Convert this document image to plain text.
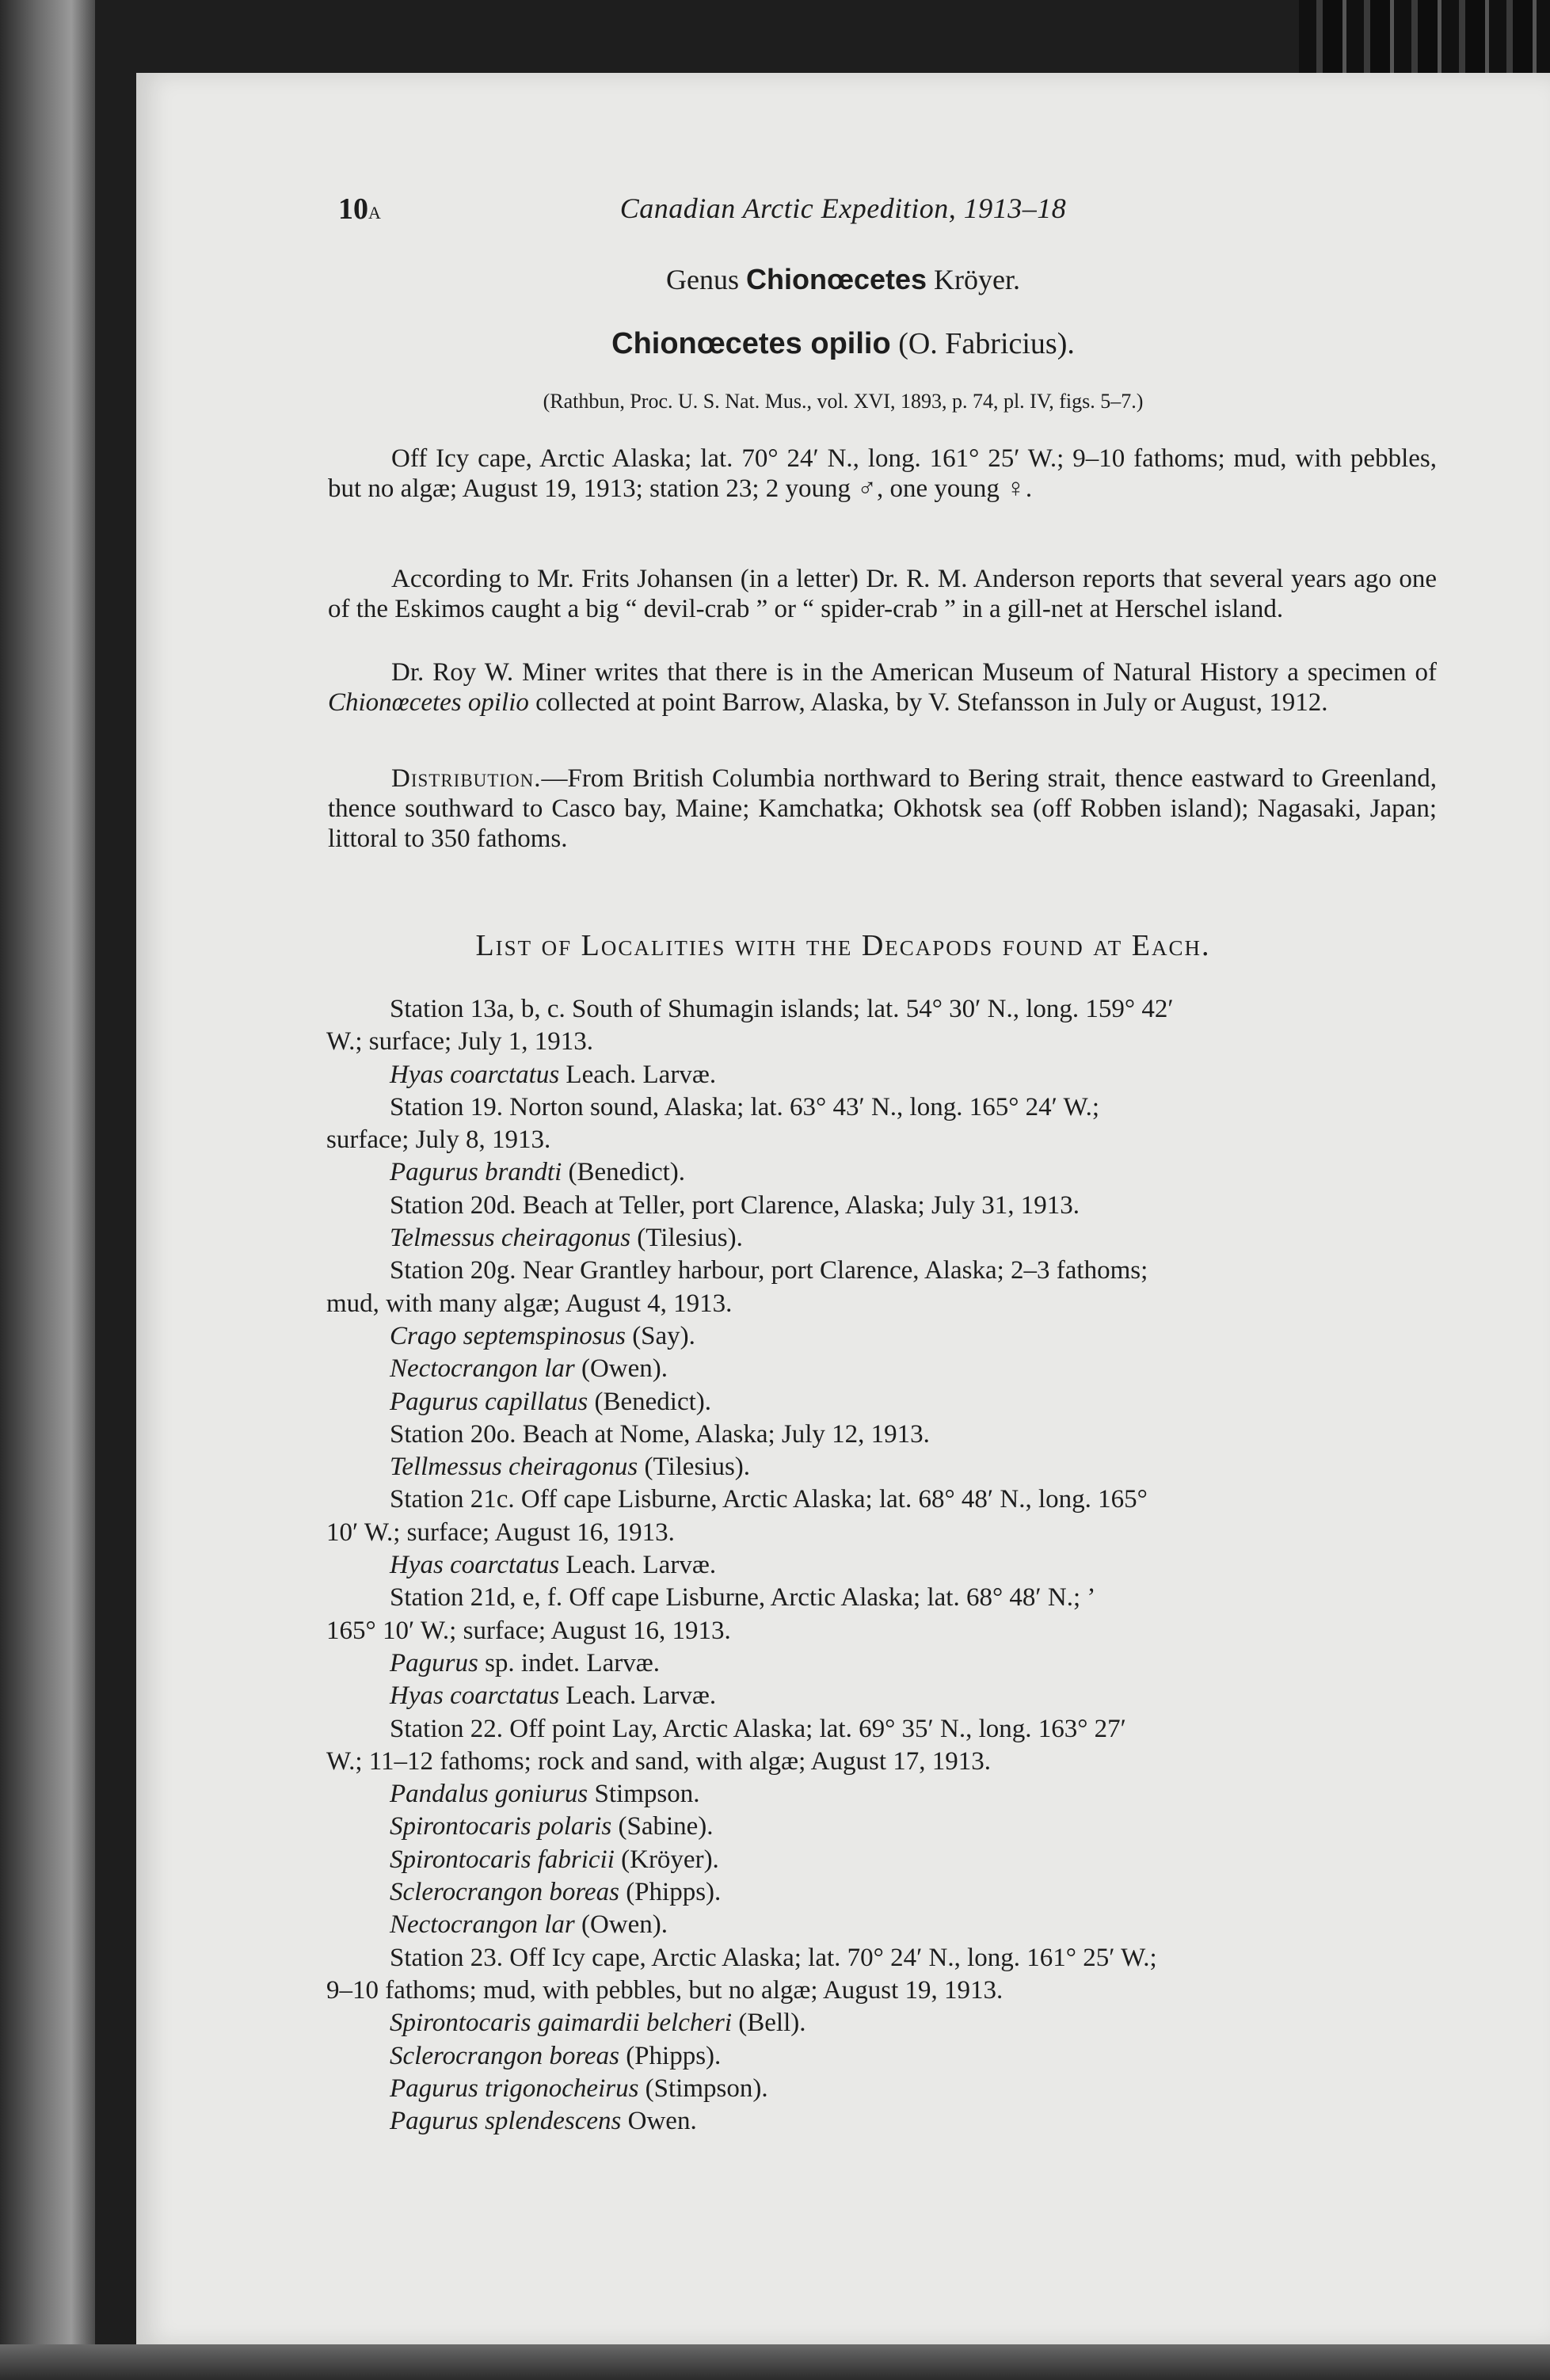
10A	Canadian Arctic Expedition, 1913–18
Genus Chionœcetes Kröyer.
Chionœcetes opilio (O. Fabricius).
(Rathbun, Proc. U. S. Nat. Mus., vol. XVI, 1893, p. 74, pl. IV, figs. 5–7.)

Off Icy cape, Arctic Alaska; lat. 70° 24′ N., long. 161° 25′ W.; 9–10 fathoms; mud, with pebbles, but no algæ; August 19, 1913; station 23; 2 young ♂, one young ♀.

According to Mr. Frits Johansen (in a letter) Dr. R. M. Anderson reports that several years ago one of the Eskimos caught a big “ devil-crab ” or “ spider-crab ” in a gill-net at Herschel island.

Dr. Roy W. Miner writes that there is in the American Museum of Natural History a specimen of Chionœcetes opilio collected at point Barrow, Alaska, by V. Stefansson in July or August, 1912.

Distribution.—From British Columbia northward to Bering strait, thence eastward to Greenland, thence southward to Casco bay, Maine; Kamchatka; Okhotsk sea (off Robben island); Nagasaki, Japan; littoral to 350 fathoms.

List of Localities with the Decapods found at Each.
Station 13a, b, c. South of Shumagin islands; lat. 54° 30′ N., long. 159° 42′
W.; surface; July 1, 1913.
Hyas coarctatus Leach. Larvæ.
Station 19. Norton sound, Alaska; lat. 63° 43′ N., long. 165° 24′ W.;
surface; July 8, 1913.
Pagurus brandti (Benedict).
Station 20d. Beach at Teller, port Clarence, Alaska; July 31, 1913.
Telmessus cheiragonus (Tilesius).
Station 20g. Near Grantley harbour, port Clarence, Alaska; 2–3 fathoms;
mud, with many algæ; August 4, 1913.
Crago septemspinosus (Say).
Nectocrangon lar (Owen).
Pagurus capillatus (Benedict).
Station 20o. Beach at Nome, Alaska; July 12, 1913.
Tellmessus cheiragonus (Tilesius).
Station 21c. Off cape Lisburne, Arctic Alaska; lat. 68° 48′ N., long. 165°
10′ W.; surface; August 16, 1913.
Hyas coarctatus Leach. Larvæ.
Station 21d, e, f. Off cape Lisburne, Arctic Alaska; lat. 68° 48′ N.; ’
165° 10′ W.; surface; August 16, 1913.
Pagurus sp. indet. Larvæ.
Hyas coarctatus Leach. Larvæ.
Station 22. Off point Lay, Arctic Alaska; lat. 69° 35′ N., long. 163° 27′
W.; 11–12 fathoms; rock and sand, with algæ; August 17, 1913.
Pandalus goniurus Stimpson.
Spirontocaris polaris (Sabine).
Spirontocaris fabricii (Kröyer).
Sclerocrangon boreas (Phipps).
Nectocrangon lar (Owen).
Station 23. Off Icy cape, Arctic Alaska; lat. 70° 24′ N., long. 161° 25′ W.;
9–10 fathoms; mud, with pebbles, but no algæ; August 19, 1913.
Spirontocaris gaimardii belcheri (Bell).
Sclerocrangon boreas (Phipps).
Pagurus trigonocheirus (Stimpson).
Pagurus splendescens Owen.
